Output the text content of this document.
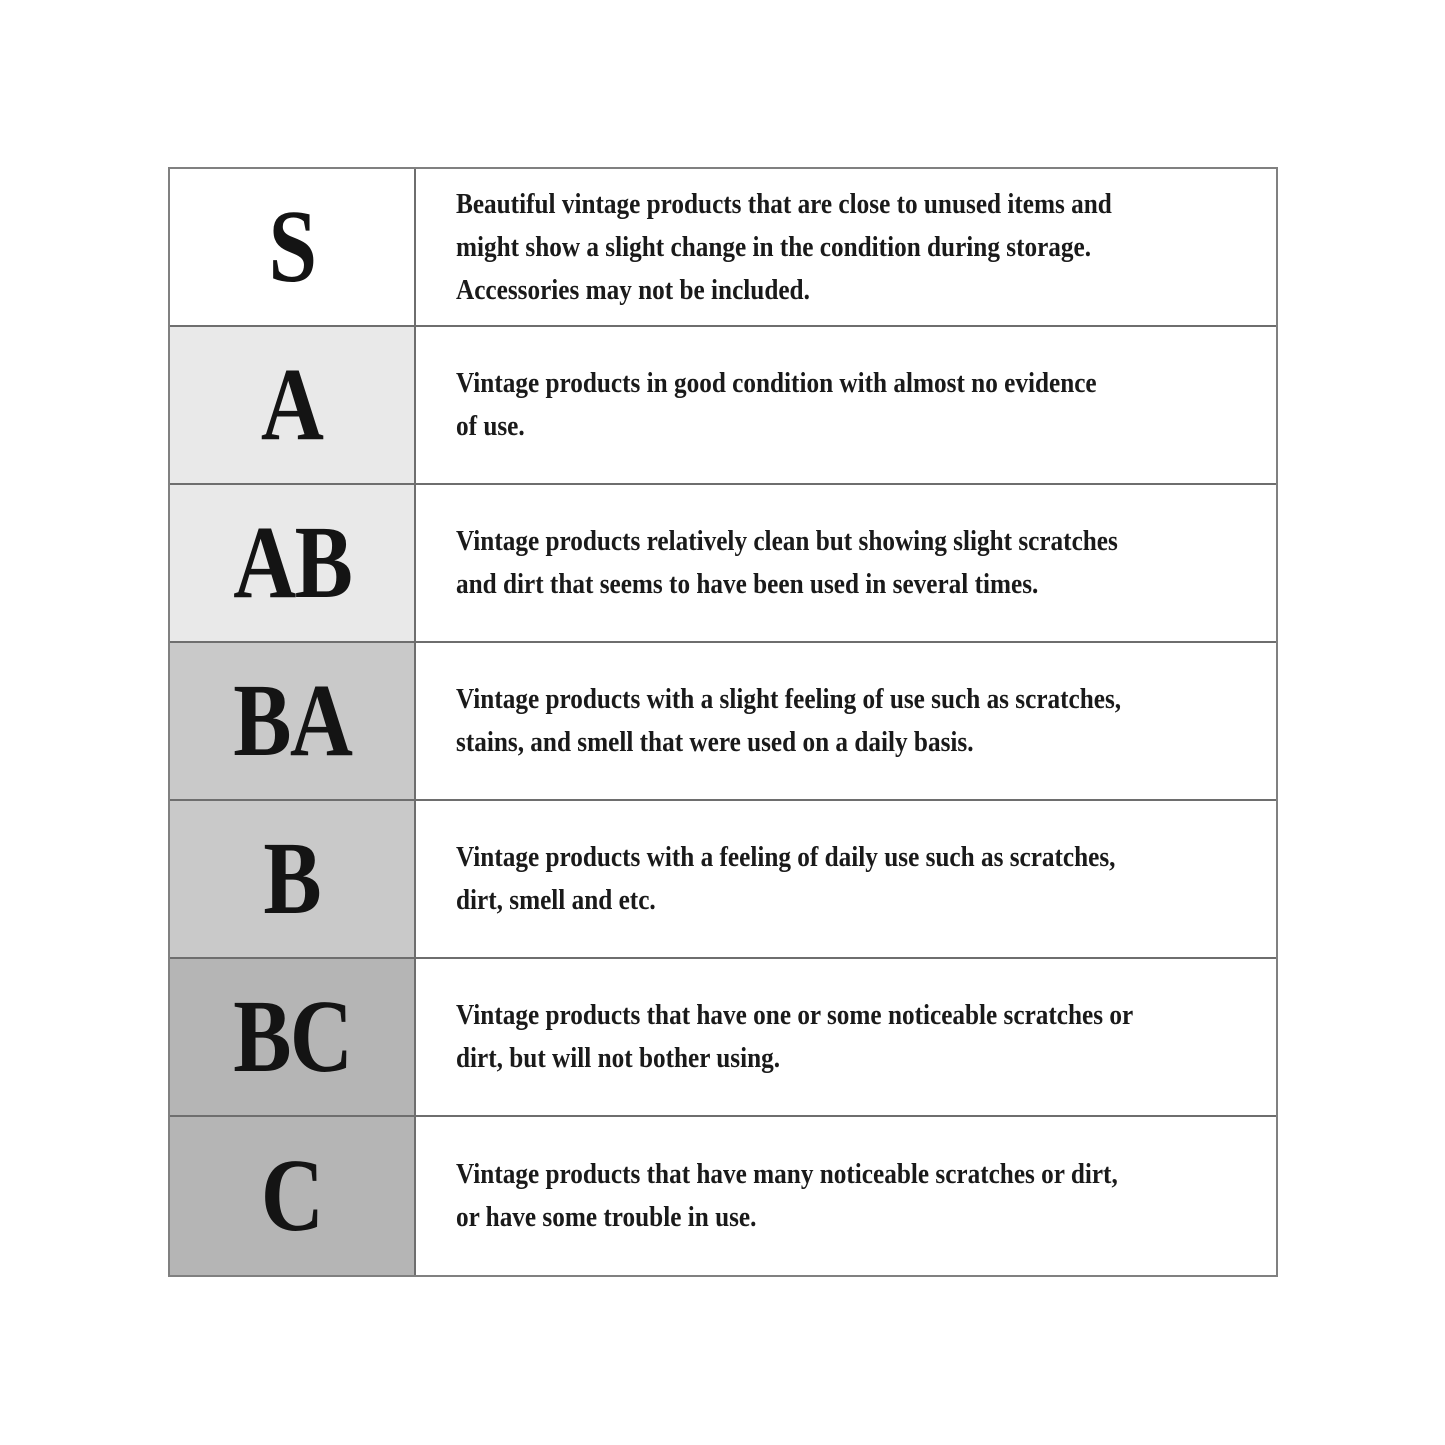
S	Beautiful vintage products that are close to unused items and
might show a slight change in the condition during storage.
Accessories may not be included.
A	Vintage products in good condition with almost no evidence
of use.
AB	Vintage products relatively clean but showing slight scratches
and dirt that seems to have been used in several times.
BA	Vintage products with a slight feeling of use such as scratches,
stains, and smell that were used on a daily basis.
B	Vintage products with a feeling of daily use such as scratches,
dirt, smell and etc.
BC	Vintage products that have one or some noticeable scratches or
dirt, but will not bother using.
C	Vintage products that have many noticeable scratches or dirt,
or have some trouble in use.
